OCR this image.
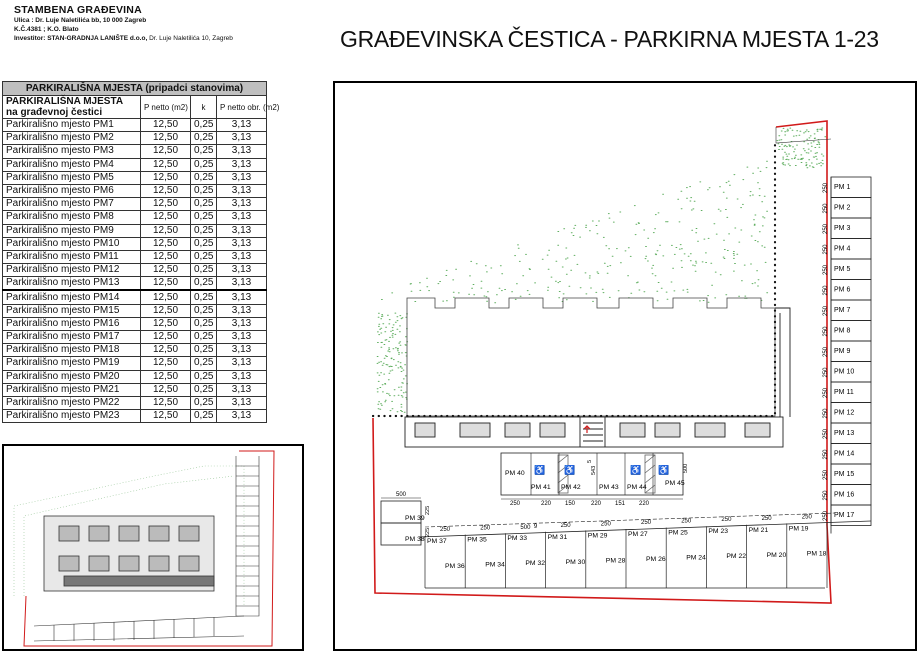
STAMBENA GRAĐEVINA
Ulica : Dr. Luje Naletilića bb, 10 000 Zagreb
K.Č.4381 ; K.O. Blato
Investitor: STAN-GRADNJA LANIŠTE d.o.o, Dr. Luje Naletilića 10, Zagreb	GRAĐEVINSKA ČESTICA - PARKIRNA MJESTA 1-23
PARKIRALIŠNA MJESTA (pripadci stanovima)			
PARKIRALIŠNA MJESTA
na građevnoj čestici	P netto (m2)	k	P netto obr. (m2)
Parkirališno mjesto PM1	12,50	0,25	3,13
Parkirališno mjesto PM2	12,50	0,25	3,13
Parkirališno mjesto PM3	12,50	0,25	3,13
Parkirališno mjesto PM4	12,50	0,25	3,13
Parkirališno mjesto PM5	12,50	0,25	3,13
Parkirališno mjesto PM6	12,50	0,25	3,13
Parkirališno mjesto PM7	12,50	0,25	3,13
Parkirališno mjesto PM8	12,50	0,25	3,13
Parkirališno mjesto PM9	12,50	0,25	3,13
Parkirališno mjesto PM10	12,50	0,25	3,13
Parkirališno mjesto PM11	12,50	0,25	3,13
Parkirališno mjesto PM12	12,50	0,25	3,13
Parkirališno mjesto PM13	12,50	0,25	3,13
Parkirališno mjesto PM14	12,50	0,25	3,13
Parkirališno mjesto PM15	12,50	0,25	3,13
Parkirališno mjesto PM16	12,50	0,25	3,13
Parkirališno mjesto PM17	12,50	0,25	3,13
Parkirališno mjesto PM18	12,50	0,25	3,13
Parkirališno mjesto PM19	12,50	0,25	3,13
Parkirališno mjesto PM20	12,50	0,25	3,13
Parkirališno mjesto PM21	12,50	0,25	3,13
Parkirališno mjesto PM22	12,50	0,25	3,13
Parkirališno mjesto PM23	12,50	0,25	3,13
PM 1
250
PM 2
250
PM 3
250
PM 4
250
PM 5
250
PM 6
250
PM 7
250
PM 8
250
PM 9
250
PM 10
250
PM 11
250
PM 12
250
PM 13
250
PM 14
250
PM 15
250
PM 16
250
PM 17
250
PM 37
PM 36
250
PM 35
PM 34
250
PM 33
PM 32
PM 31
PM 30
250
PM 29
PM 28
250
PM 27
PM 26
250
PM 25
PM 24
250
PM 23
PM 22
250
PM 21
PM 20
250
PM 19
PM 18
250
500 9
PM 40
PM 41 PM 42	PM 43 PM 44
PM 45
♿ ♿	♿ ♿
250	220 150	220 151 220
543
5
500
PM 38
PM 39
500
225
225
